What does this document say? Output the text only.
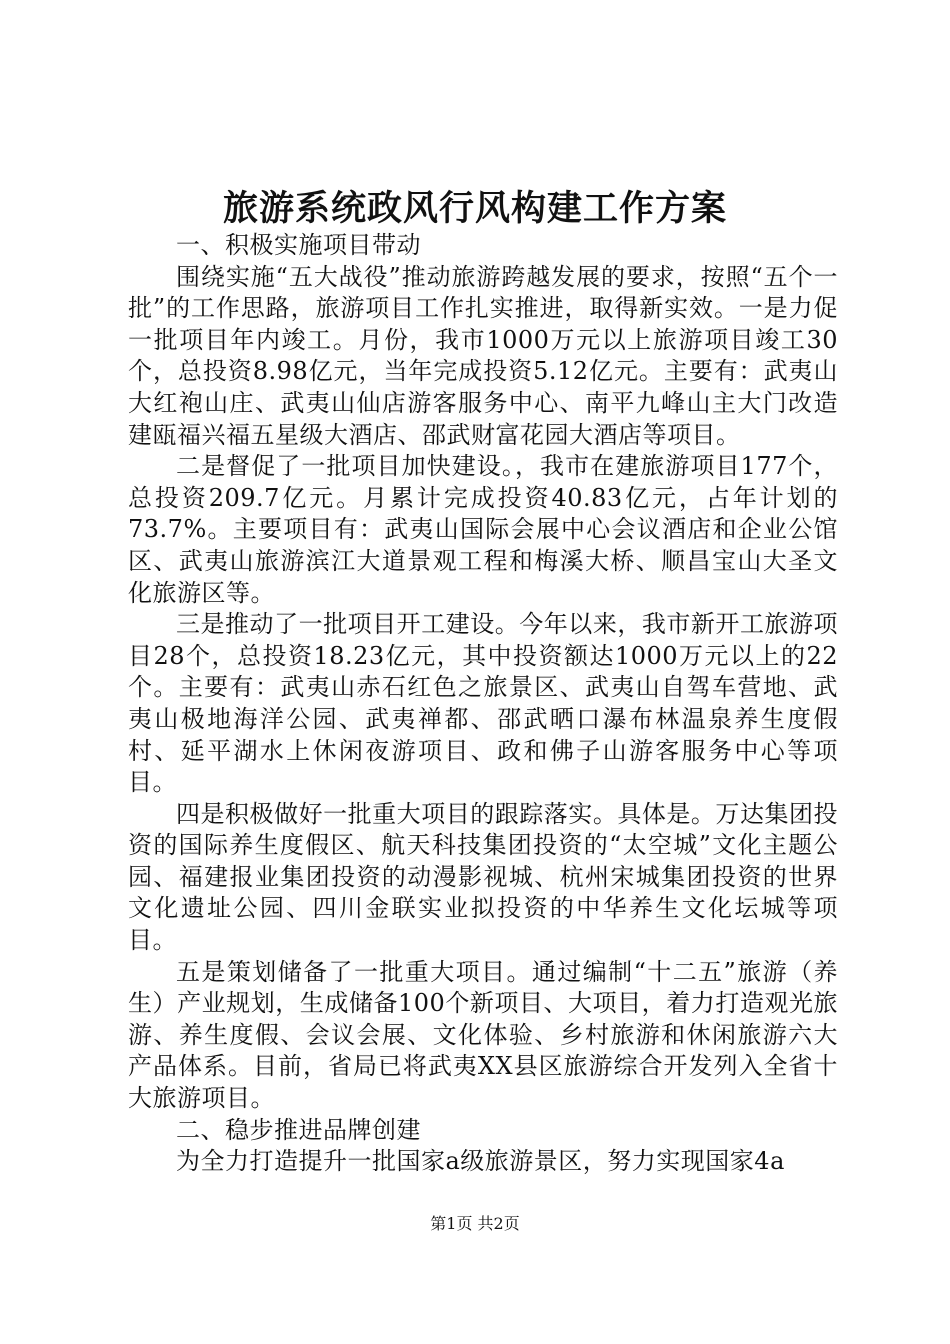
旅游系统政风行风构建工作方案

一、积极实施项目带动

围绕实施“五大战役”推动旅游跨越发展的要求，按照“五个一批”的工作思路，旅游项目工作扎实推进，取得新实效。一是力促一批项目年内竣工。月份，我市1000万元以上旅游项目竣工30个，总投资8.98亿元，当年完成投资5.12亿元。主要有：武夷山大红袍山庄、武夷山仙店游客服务中心、南平九峰山主大门改造建瓯福兴福五星级大酒店、邵武财富花园大酒店等项目。

二是督促了一批项目加快建设。，我市在建旅游项目177个，总投资209.7亿元。月累计完成投资40.83亿元，占年计划的73.7%。主要项目有：武夷山国际会展中心会议酒店和企业公馆区、武夷山旅游滨江大道景观工程和梅溪大桥、顺昌宝山大圣文化旅游区等。

三是推动了一批项目开工建设。今年以来，我市新开工旅游项目28个，总投资18.23亿元，其中投资额达1000万元以上的22个。主要有：武夷山赤石红色之旅景区、武夷山自驾车营地、武夷山极地海洋公园、武夷禅都、邵武晒口瀑布林温泉养生度假村、延平湖水上休闲夜游项目、政和佛子山游客服务中心等项目。

四是积极做好一批重大项目的跟踪落实。具体是。万达集团投资的国际养生度假区、航天科技集团投资的“太空城”文化主题公园、福建报业集团投资的动漫影视城、杭州宋城集团投资的世界文化遗址公园、四川金联实业拟投资的中华养生文化坛城等项目。

五是策划储备了一批重大项目。通过编制“十二五”旅游（养生）产业规划，生成储备100个新项目、大项目，着力打造观光旅游、养生度假、会议会展、文化体验、乡村旅游和休闲旅游六大产品体系。目前，省局已将武夷XX县区旅游综合开发列入全省十大旅游项目。

二、稳步推进品牌创建

为全力打造提升一批国家a级旅游景区，努力实现国家4a

第1页 共2页
